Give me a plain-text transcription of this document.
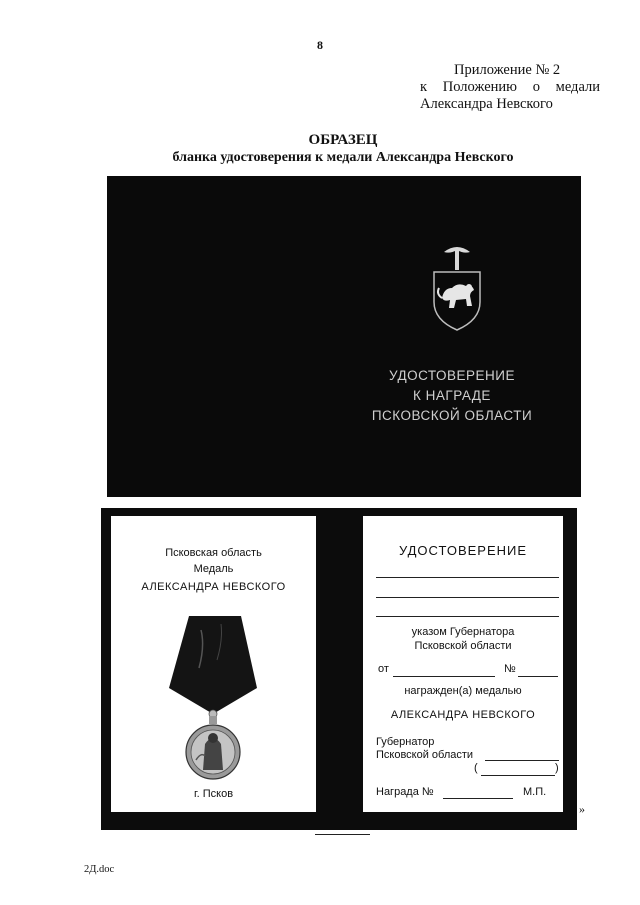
8
Приложение № 2
к Положению о медали
Александра Невского
ОБРАЗЕЦ
бланка удостоверения к медали Александра Невского
УДОСТОВЕРЕНИЕ
К НАГРАДЕ
ПСКОВСКОЙ ОБЛАСТИ
Псковская область
Медаль
АЛЕКСАНДРА НЕВСКОГО
г. Псков
УДОСТОВЕРЕНИЕ
указом Губернатора
Псковской области
от	№
награжден(а) медалью
АЛЕКСАНДРА НЕВСКОГО
Губернатор
Псковской области
(	)
Награда №	М.П.
»
2Д.doc
